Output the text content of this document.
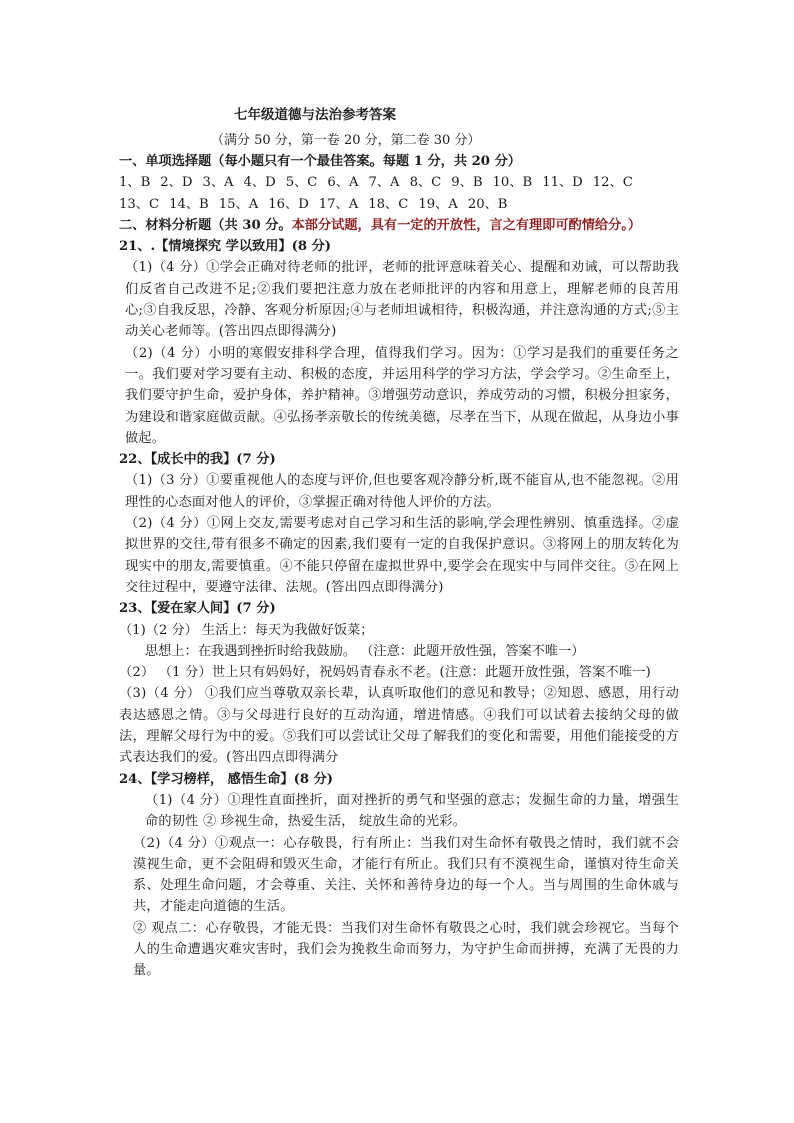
七年级道德与法治参考答案
（满分 50 分，第一卷 20 分，第二卷 30 分）
一、单项选择题（每小题只有一个最佳答案。每题 1 分，共 20 分）
1、B 2、D 3、A 4、D 5、C 6、A 7、A 8、C 9、B 10、B 11、D 12、C
13、C 14、B 15、A 16、D 17、A 18、C 19、A 20、B
二、材料分析题（共 30 分。本部分试题，具有一定的开放性，言之有理即可酌情给分。）
21、.【情境探究 学以致用】(8 分)
（1)（4 分）①学会正确对待老师的批评，老师的批评意味着关心、提醒和劝诫，可以帮助我们反省自己改进不足;②我们要把注意力放在老师批评的内容和用意上，理解老师的良苦用心;③自我反思，冷静、客观分析原因;④与老师坦诚相待，积极沟通，并注意沟通的方式;⑤主动关心老师等。(答出四点即得满分)
（2)（4 分）小明的寒假安排科学合理，值得我们学习。因为：①学习是我们的重要任务之一。我们要对学习要有主动、积极的态度，并运用科学的学习方法，学会学习。②生命至上，我们要守护生命，爱护身体，养护精神。③增强劳动意识，养成劳动的习惯，积极分担家务，为建设和谐家庭做贡献。④弘扬孝亲敬长的传统美德，尽孝在当下，从现在做起，从身边小事做起。
22、【成长中的我】(7 分)
（1)（3 分）①要重视他人的态度与评价,但也要客观冷静分析,既不能盲从,也不能忽视。②用理性的心态面对他人的评价，③掌握正确对待他人评价的方法。
（2)（4 分）①网上交友,需要考虑对自己学习和生活的影响,学会理性辨别、慎重选择。②虚拟世界的交往,带有很多不确定的因素,我们要有一定的自我保护意识。③将网上的朋友转化为现实中的朋友,需要慎重。④不能只停留在虚拟世界中,要学会在现实中与同伴交往。⑤在网上交往过程中，要遵守法律、法规。(答出四点即得满分)
23、【爱在家人间】(7 分)
（1)（2 分） 生活上：每天为我做好饭菜；
思想上：在我遇到挫折时给我鼓励。 （注意：此题开放性强，答案不唯一）
（2） （1 分）世上只有妈妈好，祝妈妈青春永不老。(注意：此题开放性强，答案不唯一)
（3)（4 分） ①我们应当尊敬双亲长辈，认真听取他们的意见和教导；②知恩、感恩，用行动表达感恩之情。③与父母进行良好的互动沟通，增进情感。④我们可以试着去接纳父母的做法，理解父母行为中的爱。⑤我们可以尝试让父母了解我们的变化和需要，用他们能接受的方式表达我们的爱。(答出四点即得满分
24、【学习榜样， 感悟生命】(8 分)
（1)（4 分）①理性直面挫折，面对挫折的勇气和坚强的意志；发掘生命的力量，增强生命的韧性 ② 珍视生命，热爱生活， 绽放生命的光彩。
（2)（4 分）①观点一：心存敬畏，行有所止：当我们对生命怀有敬畏之情时，我们就不会漠视生命，更不会阻碍和毁灭生命，才能行有所止。我们只有不漠视生命，谨慎对待生命关系、处理生命问题，才会尊重、关注、关怀和善待身边的每一个人。当与周围的生命休戚与共，才能走向道德的生活。
② 观点二：心存敬畏，才能无畏：当我们对生命怀有敬畏之心时，我们就会珍视它。当每个人的生命遭遇灾难灾害时，我们会为挽救生命而努力，为守护生命而拼搏，充满了无畏的力量。
